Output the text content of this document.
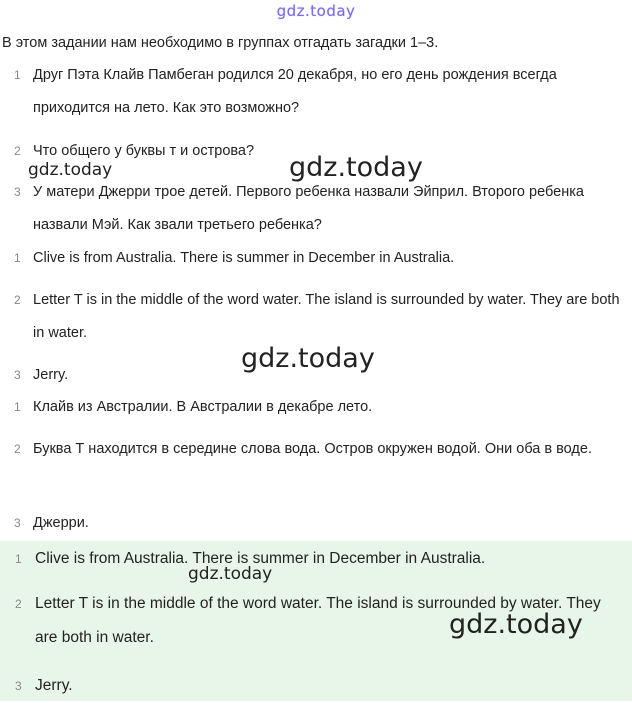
gdz.today
В этом задании нам необходимо в группах отгадать загадки 1–3.
1 Друг Пэта Клайв Памбеган родился 20 декабря, но его день рождения всегда приходится на лето. Как это возможно?
2 Что общего у буквы т и острова?
3 У матери Джерри трое детей. Первого ребенка назвали Эйприл. Второго ребенка назвали Мэй. Как звали третьего ребенка?
1 Clive is from Australia. There is summer in December in Australia.
2 Letter T is in the middle of the word water. The island is surrounded by water. They are both in water.
3 Jerry.
1 Клайв из Австралии. В Австралии в декабре лето.
2 Буква Т находится в середине слова вода. Остров окружен водой. Они оба в воде.
3 Джерри.
1 Clive is from Australia. There is summer in December in Australia.
2 Letter T is in the middle of the word water. The island is surrounded by water. They are both in water.
3 Jerry.
gdz.today	gdz.today
gdz.today
gdz.today
gdz.today
